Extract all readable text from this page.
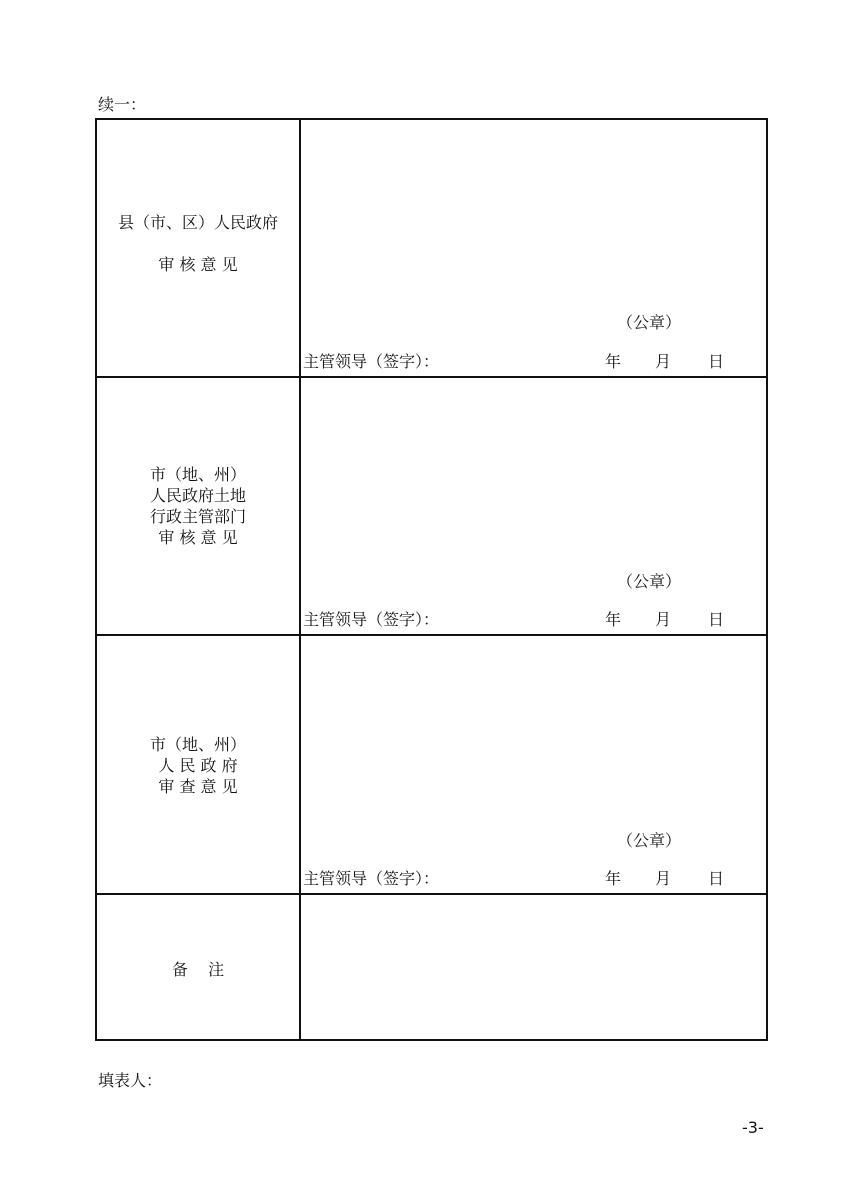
续一：
县（市、区）人民政府
审 核 意 见
（公章）
主管领导（签字）：	年 月 日
市（地、州）
人民政府土地
行政主管部门
审 核 意 见
（公章）
主管领导（签字）：	年 月 日
市（地、州）
人 民 政 府
审 查 意 见
（公章）
主管领导（签字）：	年 月 日
备    注
填表人：
-3-
